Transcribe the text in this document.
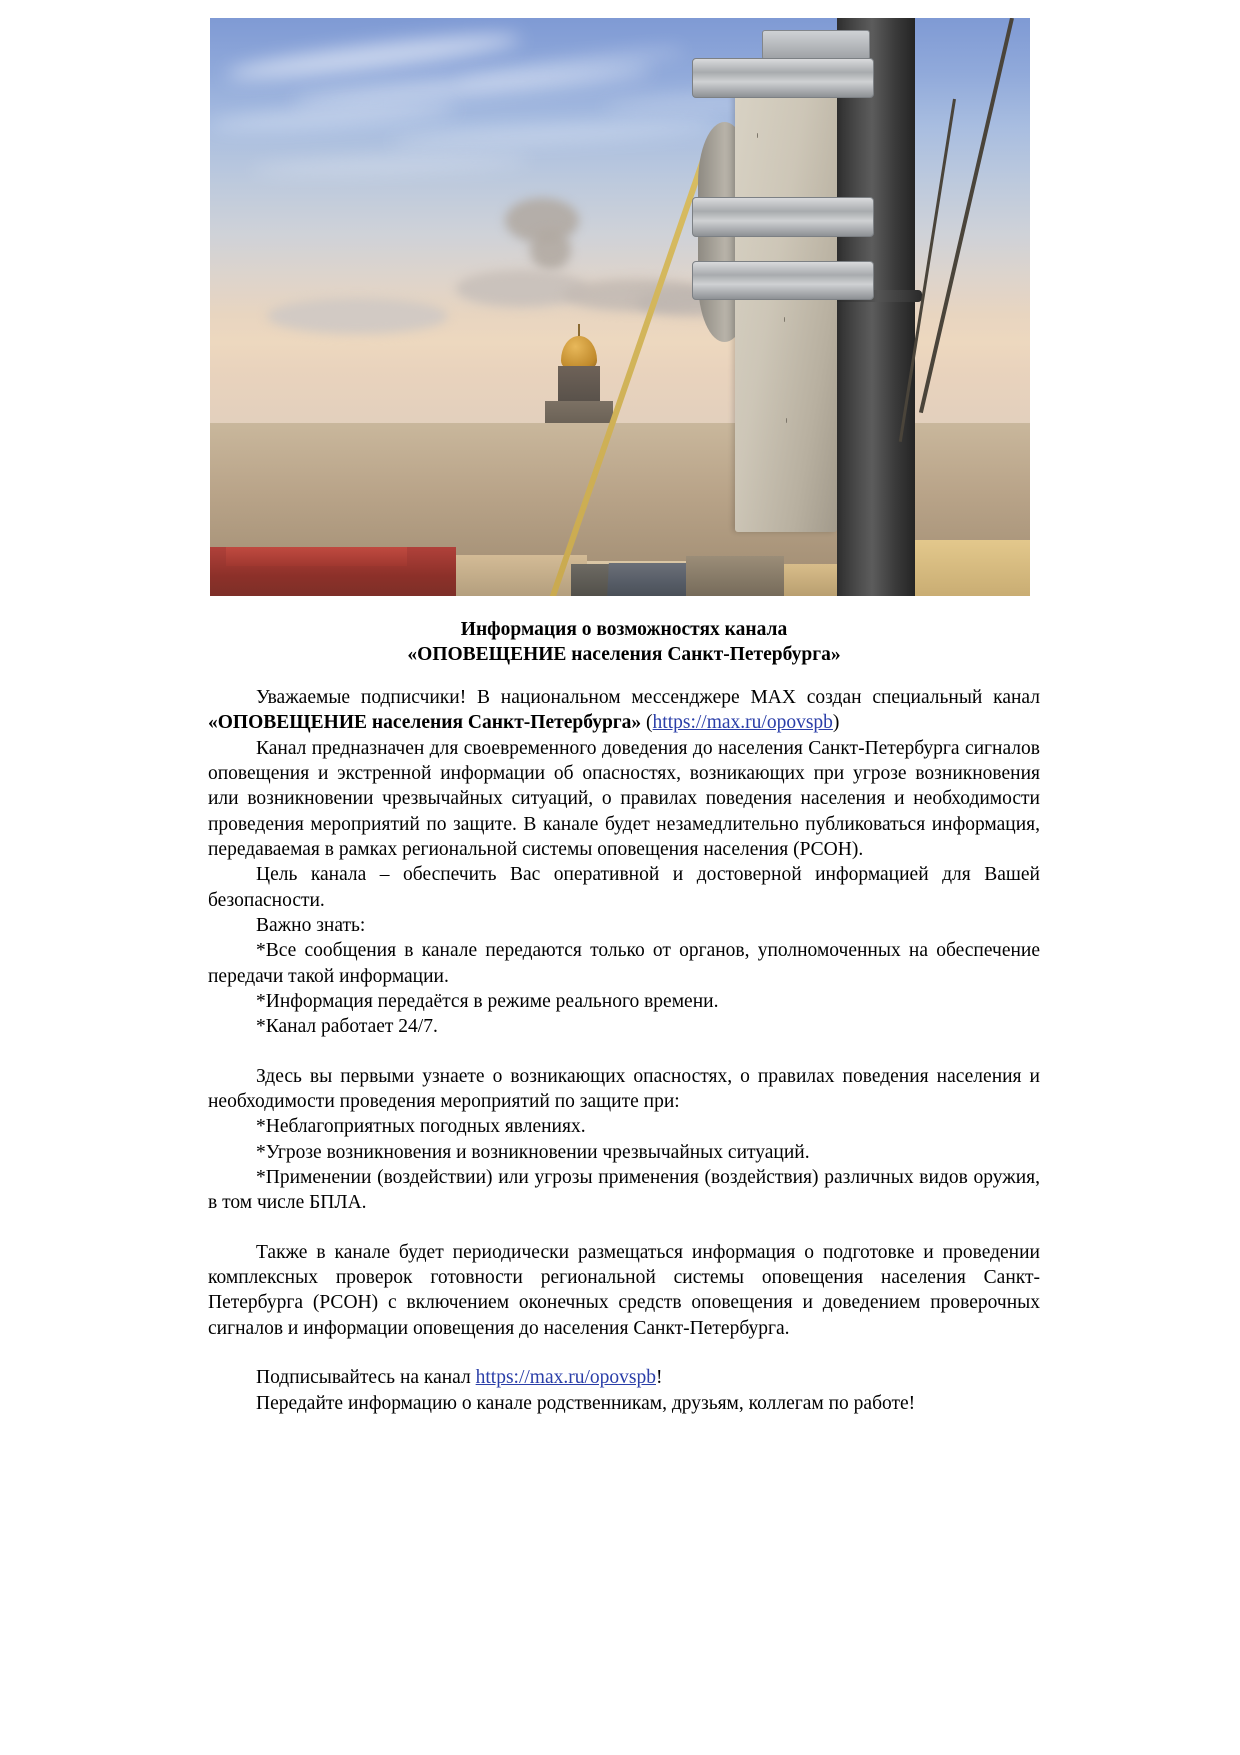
Информация о возможностях канала
«ОПОВЕЩЕНИЕ населения Санкт-Петербурга»

Уважаемые подписчики! В национальном мессенджере MAX создан специальный канал «ОПОВЕЩЕНИЕ населения Санкт-Петербурга» (https://max.ru/opovspb)

Канал предназначен для своевременного доведения до населения Санкт-Петербурга сигналов оповещения и экстренной информации об опасностях, возникающих при угрозе возникновения или возникновении чрезвычайных ситуаций, о правилах поведения населения и необходимости проведения мероприятий по защите. В канале будет незамедлительно публиковаться информация, передаваемая в рамках региональной системы оповещения населения (РСОН).

Цель канала – обеспечить Вас оперативной и достоверной информацией для Вашей безопасности.

Важно знать:

*Все сообщения в канале передаются только от органов, уполномоченных на обеспечение передачи такой информации.

*Информация передаётся в режиме реального времени.

*Канал работает 24/7.

Здесь вы первыми узнаете о возникающих опасностях, о правилах поведения населения и необходимости проведения мероприятий по защите при:

*Неблагоприятных погодных явлениях.

*Угрозе возникновения и возникновении чрезвычайных ситуаций.

*Применении (воздействии) или угрозы применения (воздействия) различных видов оружия, в том числе БПЛА.

Также в канале будет периодически размещаться информация о подготовке и проведении комплексных проверок готовности региональной системы оповещения населения Санкт-Петербурга (РСОН) с включением оконечных средств оповещения и доведением проверочных сигналов и информации оповещения до населения Санкт-Петербурга.

Подписывайтесь на канал https://max.ru/opovspb!

Передайте информацию о канале родственникам, друзьям, коллегам по работе!
